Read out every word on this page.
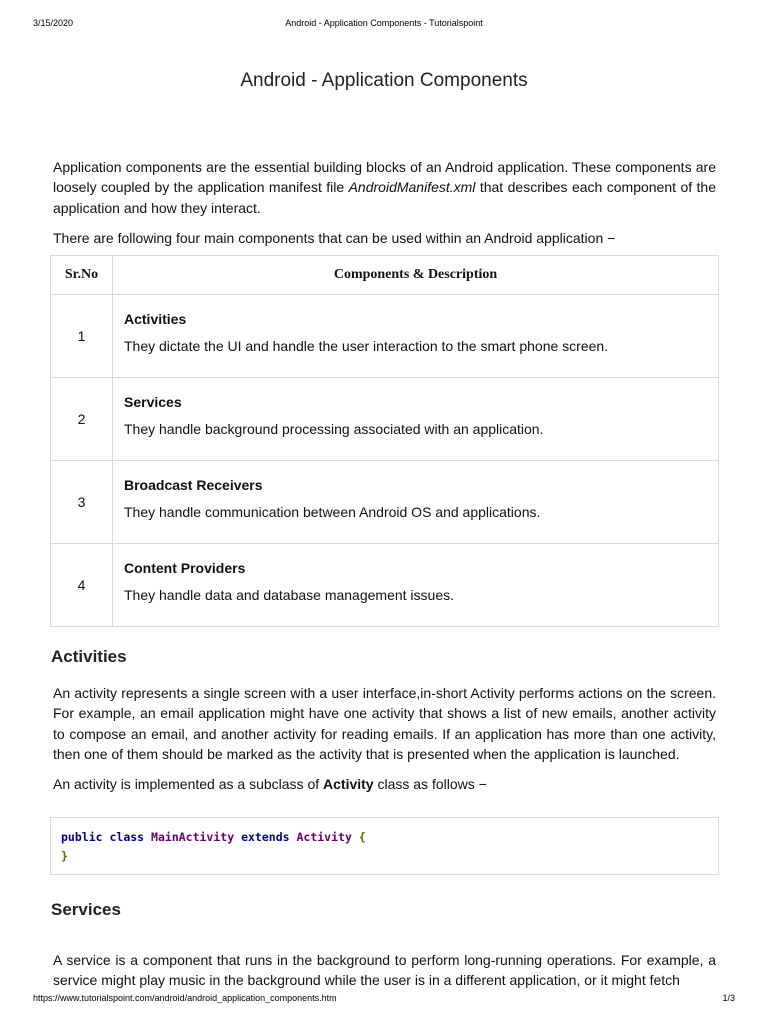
3/15/2020	Android - Application Components - Tutorialspoint
Android - Application Components

Application components are the essential building blocks of an Android application. These components are loosely coupled by the application manifest file AndroidManifest.xml that describes each component of the application and how they interact.

There are following four main components that can be used within an Android application −

Sr.No	Components & Description
1	Activities
They dictate the UI and handle the user interaction to the smart phone screen.

2	Services
They handle background processing associated with an application.

3	Broadcast Receivers
They handle communication between Android OS and applications.

4	Content Providers
They handle data and database management issues.
Activities

An activity represents a single screen with a user interface,in-short Activity performs actions on the screen. For example, an email application might have one activity that shows a list of new emails, another activity to compose an email, and another activity for reading emails. If an application has more than one activity, then one of them should be marked as the activity that is presented when the application is launched.

An activity is implemented as a subclass of Activity class as follows −

public class MainActivity extends Activity {
}
Services

A service is a component that runs in the background to perform long-running operations. For example, a service might play music in the background while the user is in a different application, or it might fetch

https://www.tutorialspoint.com/android/android_application_components.htm	1/3
